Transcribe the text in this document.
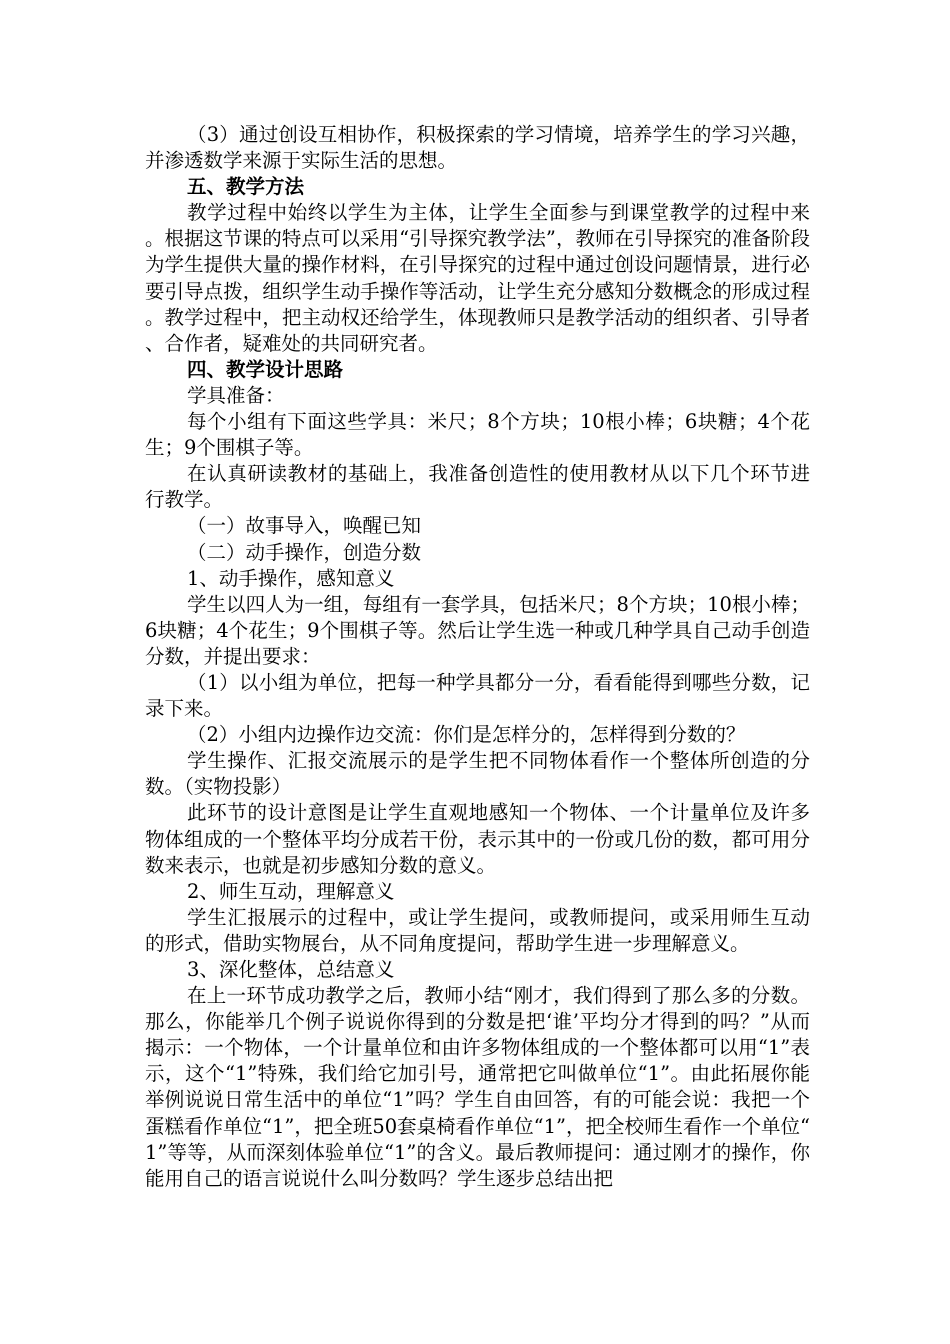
（3）通过创设互相协作，积极探索的学习情境，培养学生的学习兴趣，并渗透数学来源于实际生活的思想。

五、教学方法

教学过程中始终以学生为主体，让学生全面参与到课堂教学的过程中来。根据这节课的特点可以采用“引导探究教学法”，教师在引导探究的准备阶段为学生提供大量的操作材料，在引导探究的过程中通过创设问题情景，进行必要引导点拨，组织学生动手操作等活动，让学生充分感知分数概念的形成过程。教学过程中，把主动权还给学生，体现教师只是教学活动的组织者、引导者、合作者，疑难处的共同研究者。

四、教学设计思路

学具准备：

每个小组有下面这些学具：米尺；8个方块；10根小棒；6块糖；4个花生；9个围棋子等。

在认真研读教材的基础上，我准备创造性的使用教材从以下几个环节进行教学。

（一）故事导入，唤醒已知

（二）动手操作，创造分数

1、动手操作，感知意义

学生以四人为一组，每组有一套学具，包括米尺；8个方块；10根小棒；6块糖；4个花生；9个围棋子等。然后让学生选一种或几种学具自己动手创造分数，并提出要求：

（1）以小组为单位，把每一种学具都分一分，看看能得到哪些分数，记录下来。

（2）小组内边操作边交流：你们是怎样分的，怎样得到分数的？

学生操作、汇报交流展示的是学生把不同物体看作一个整体所创造的分数。（实物投影）

此环节的设计意图是让学生直观地感知一个物体、一个计量单位及许多物体组成的一个整体平均分成若干份，表示其中的一份或几份的数，都可用分数来表示，也就是初步感知分数的意义。

2、师生互动，理解意义

学生汇报展示的过程中，或让学生提问，或教师提问，或采用师生互动的形式，借助实物展台，从不同角度提问，帮助学生进一步理解意义。

3、深化整体，总结意义

在上一环节成功教学之后，教师小结“刚才，我们得到了那么多的分数。那么，你能举几个例子说说你得到的分数是把‘谁’平均分才得到的吗？”从而揭示：一个物体，一个计量单位和由许多物体组成的一个整体都可以用“1”表示，这个“1”特殊，我们给它加引号，通常把它叫做单位“1”。由此拓展你能举例说说日常生活中的单位“1”吗？学生自由回答，有的可能会说：我把一个蛋糕看作单位“1”，把全班50套桌椅看作单位“1”，把全校师生看作一个单位“1”等等，从而深刻体验单位“1”的含义。最后教师提问：通过刚才的操作，你能用自己的语言说说什么叫分数吗？学生逐步总结出把
